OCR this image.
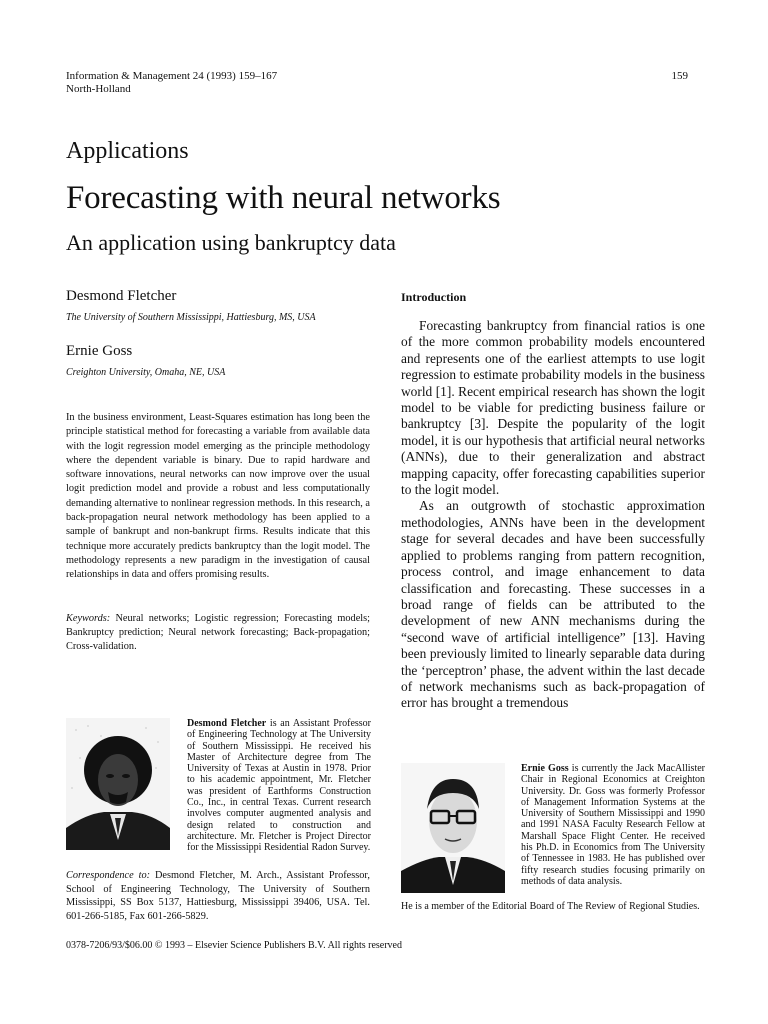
Information & Management 24 (1993) 159–167
North-Holland
159
Applications
Forecasting with neural networks
An application using bankruptcy data
Desmond Fletcher
The University of Southern Mississippi, Hattiesburg, MS, USA
Ernie Goss
Creighton University, Omaha, NE, USA

In the business environment, Least-Squares estimation has long been the principle statistical method for forecasting a variable from available data with the logit regression model emerging as the principle methodology where the dependent variable is binary. Due to rapid hardware and software innovations, neural networks can now improve over the usual logit prediction model and provide a robust and less computationally demanding alternative to nonlinear regression methods. In this research, a back-propagation neural network methodology has been applied to a sample of bankrupt and non-bankrupt firms. Results indicate that this technique more accurately predicts bankruptcy than the logit model. The methodology represents a new paradigm in the investigation of causal relationships in data and offers promising results.

Keywords: Neural networks; Logistic regression; Forecasting models; Bankruptcy prediction; Neural network forecasting; Back-propagation; Cross-validation.
Introduction

Forecasting bankruptcy from financial ratios is one of the more common probability models encountered and represents one of the earliest attempts to use logit regression to estimate probability models in the business world [1]. Recent empirical research has shown the logit model to be viable for predicting business failure or bankruptcy [3]. Despite the popularity of the logit model, it is our hypothesis that artificial neural networks (ANNs), due to their generalization and abstract mapping capacity, offer forecasting capabilities superior to the logit model.

As an outgrowth of stochastic approximation methodologies, ANNs have been in the development stage for several decades and have been successfully applied to problems ranging from pattern recognition, process control, and image enhancement to data classification and forecasting. These successes in a broad range of fields can be attributed to the development of new ANN mechanisms during the “second wave of artificial intelligence” [13]. Having been previously limited to linearly separable data during the ‘perceptron’ phase, the advent within the last decade of network mechanisms such as back-propagation of error has brought a tremendous

Desmond Fletcher is an Assistant Professor of Engineering Technology at The University of Southern Mississippi. He received his Master of Architecture degree from The University of Texas at Austin in 1978. Prior to his academic appointment, Mr. Fletcher was president of Earthforms Construction Co., Inc., in central Texas. Current research involves computer augmented analysis and design related to construction and architecture. Mr. Fletcher is Project Director for the Mississippi Residential Radon Survey.
Correspondence to: Desmond Fletcher, M. Arch., Assistant Professor, School of Engineering Technology, The University of Southern Mississippi, SS Box 5137, Hattiesburg, Mississippi 39406, USA. Tel. 601-266-5185, Fax 601-266-5829.
Ernie Goss is currently the Jack MacAllister Chair in Regional Economics at Creighton University. Dr. Goss was formerly Professor of Management Information Systems at the University of Southern Mississippi and 1990 and 1991 NASA Faculty Research Fellow at Marshall Space Flight Center. He received his Ph.D. in Economics from The University of Tennessee in 1983. He has published over fifty research studies focusing primarily on methods of data analysis.
He is a member of the Editorial Board of The Review of Regional Studies.
0378-7206/93/$06.00 © 1993 – Elsevier Science Publishers B.V. All rights reserved
